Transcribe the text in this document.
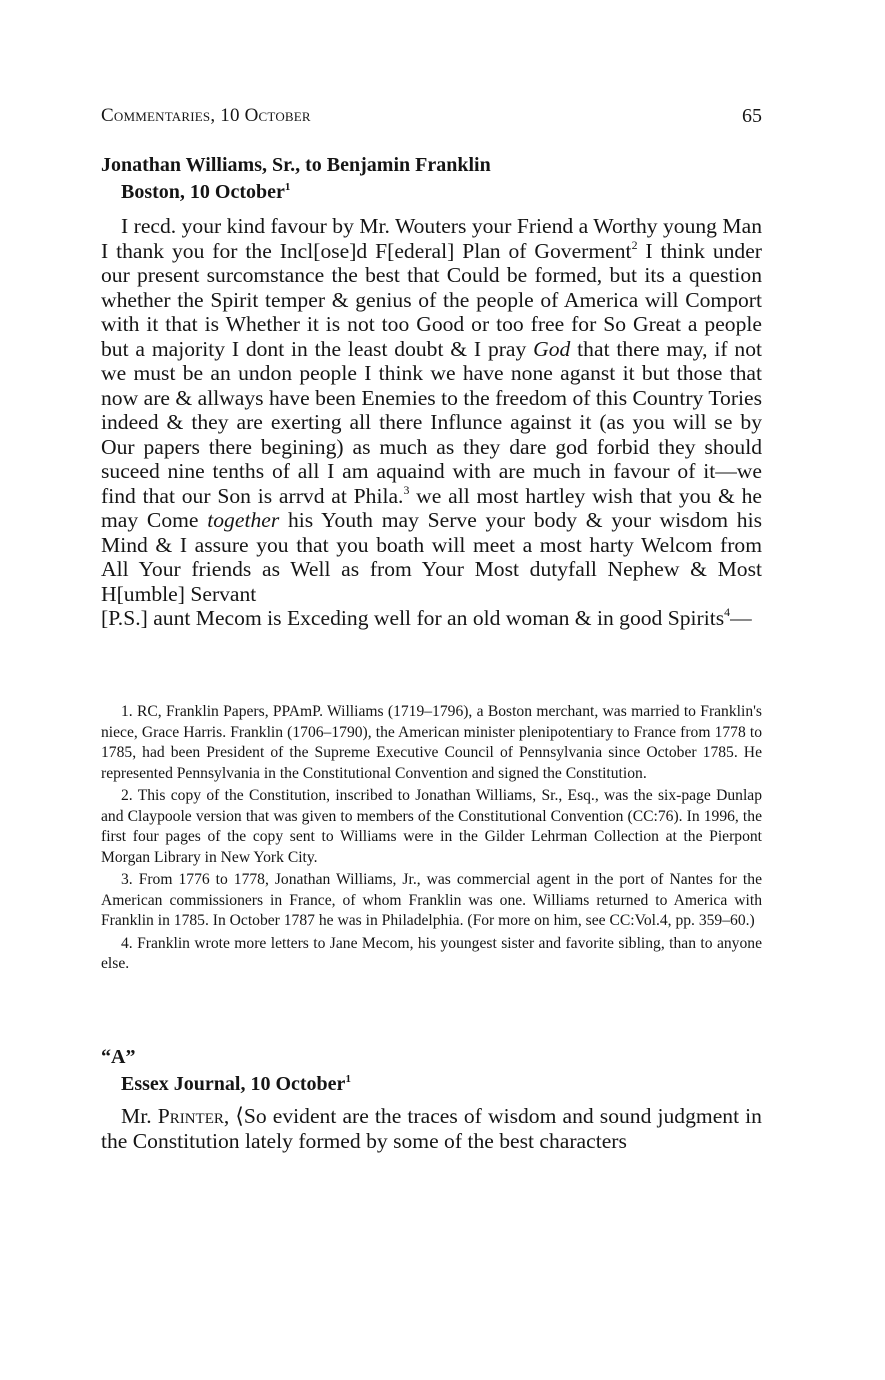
Commentaries, 10 October	65
Jonathan Williams, Sr., to Benjamin Franklin
Boston, 10 October$^1$

I recd. your kind favour by Mr. Wouters your Friend a Worthy young Man I thank you for the Incl[ose]d F[ederal] Plan of Goverment$^2$ I think under our present surcomstance the best that Could be formed, but its a question whether the Spirit temper & genius of the people of America will Comport with it that is Whether it is not too Good or too free for So Great a people but a majority I dont in the least doubt & I pray God that there may, if not we must be an undon people I think we have none aganst it but those that now are & allways have been Enemies to the freedom of this Country Tories indeed & they are exerting all there Influnce against it (as you will se by Our papers there begining) as much as they dare god forbid they should suceed nine tenths of all I am aquaind with are much in favour of it—we find that our Son is arrvd at Phila.$^3$ we all most hartley wish that you & he may Come together his Youth may Serve your body & your wisdom his Mind & I assure you that you boath will meet a most harty Welcom from All Your friends as Well as from Your Most dutyfall Nephew & Most H[umble] Servant

[P.S.] aunt Mecom is Exceding well for an old woman & in good Spirits$^4$—

1. RC, Franklin Papers, PPAmP. Williams (1719–1796), a Boston merchant, was married to Franklin's niece, Grace Harris. Franklin (1706–1790), the American minister plenipotentiary to France from 1778 to 1785, had been President of the Supreme Executive Council of Pennsylvania since October 1785. He represented Pennsylvania in the Constitutional Convention and signed the Constitution.

2. This copy of the Constitution, inscribed to Jonathan Williams, Sr., Esq., was the six-page Dunlap and Claypoole version that was given to members of the Constitutional Convention (CC:76). In 1996, the first four pages of the copy sent to Williams were in the Gilder Lehrman Collection at the Pierpont Morgan Library in New York City.

3. From 1776 to 1778, Jonathan Williams, Jr., was commercial agent in the port of Nantes for the American commissioners in France, of whom Franklin was one. Williams returned to America with Franklin in 1785. In October 1787 he was in Philadelphia. (For more on him, see CC:Vol.4, pp. 359–60.)

4. Franklin wrote more letters to Jane Mecom, his youngest sister and favorite sibling, than to anyone else.

“A”
Essex Journal, 10 October$^1$

Mr. Printer, ⟨So evident are the traces of wisdom and sound judgment in the Constitution lately formed by some of the best characters
